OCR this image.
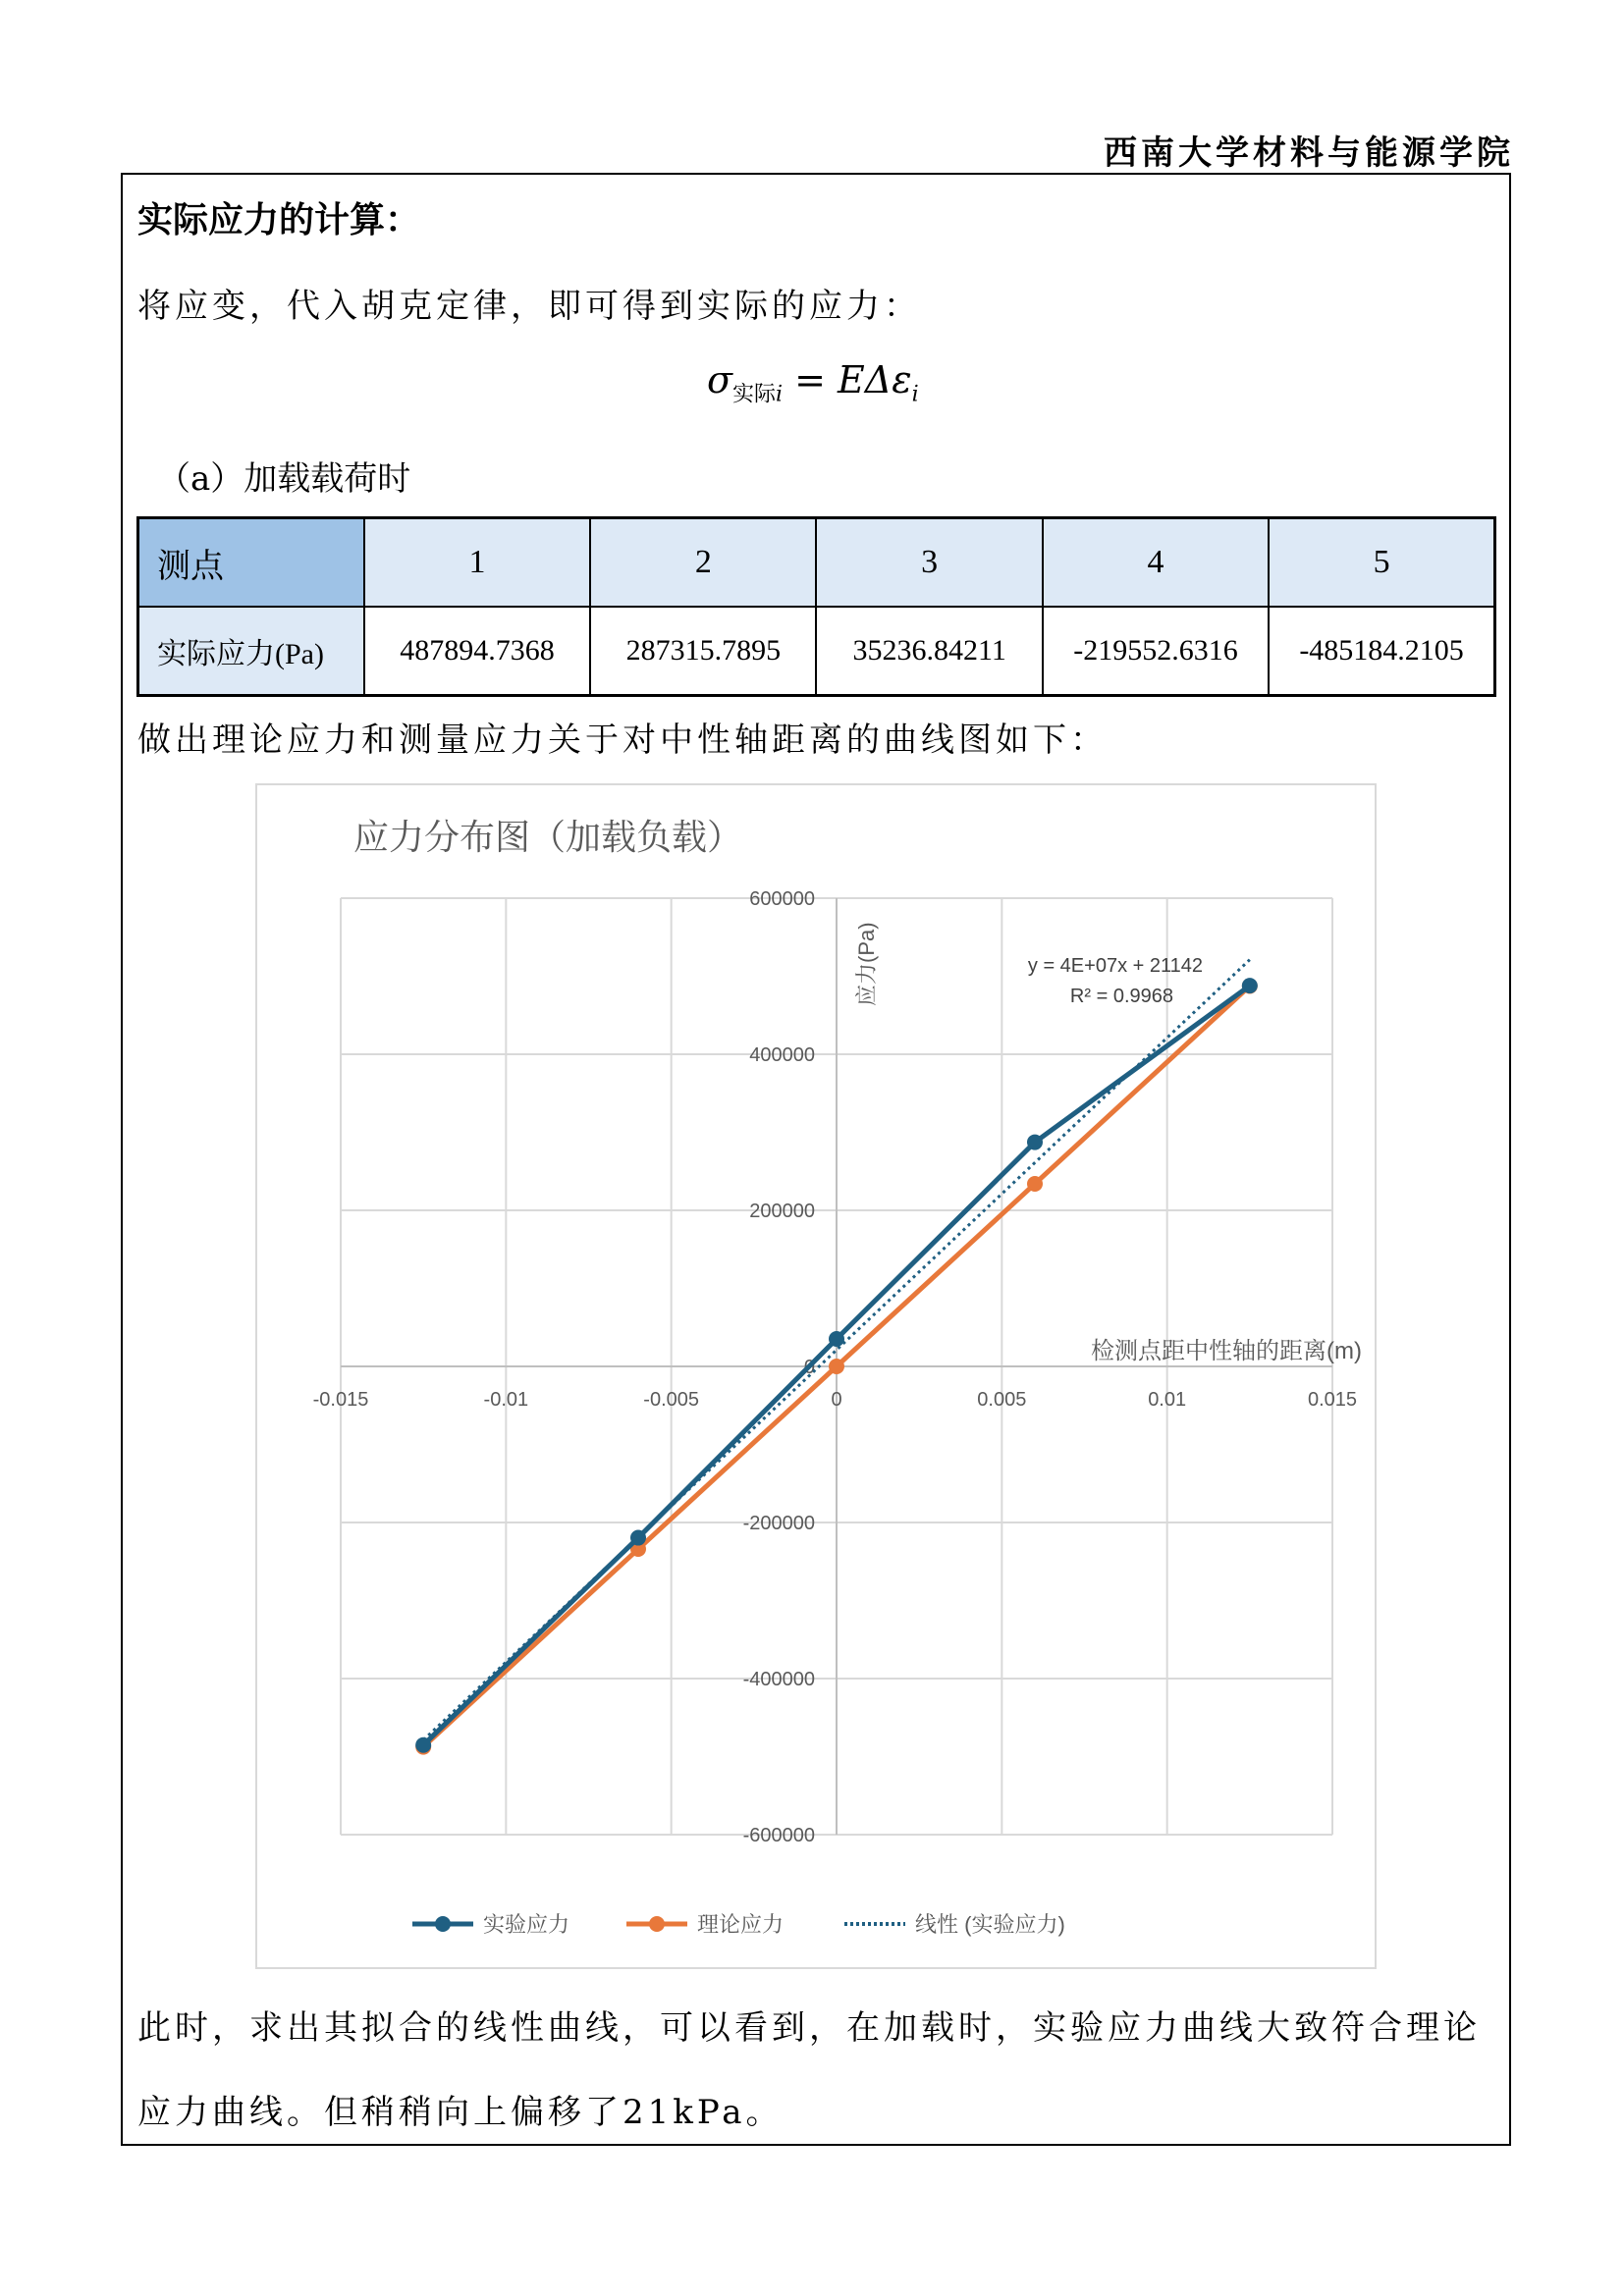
西南大学材料与能源学院
实际应力的计算：
将应变，代入胡克定律，即可得到实际的应力：
$\sigma_{实际i} = E\Delta\varepsilon_i$
（a）加载载荷时
测点	1	2	3	4	5
实际应力(Pa)	487894.7368	287315.7895	35236.84211	-219552.6316	-485184.2105
做出理论应力和测量应力关于对中性轴距离的曲线图如下：
应力分布图（加载负载）
-0.015	-0.01	-0.005	0	0.005	0.01	0.015
600000
400000
200000
0
-200000
-400000
-600000
应力(Pa)
检测点距中性轴的距离(m)
y = 4E+07x + 21142
R² = 0.9968
实验应力	理论应力	线性 (实验应力)
此时，求出其拟合的线性曲线，可以看到，在加载时，实验应力曲线大致符合理论
应力曲线。但稍稍向上偏移了21kPa。
